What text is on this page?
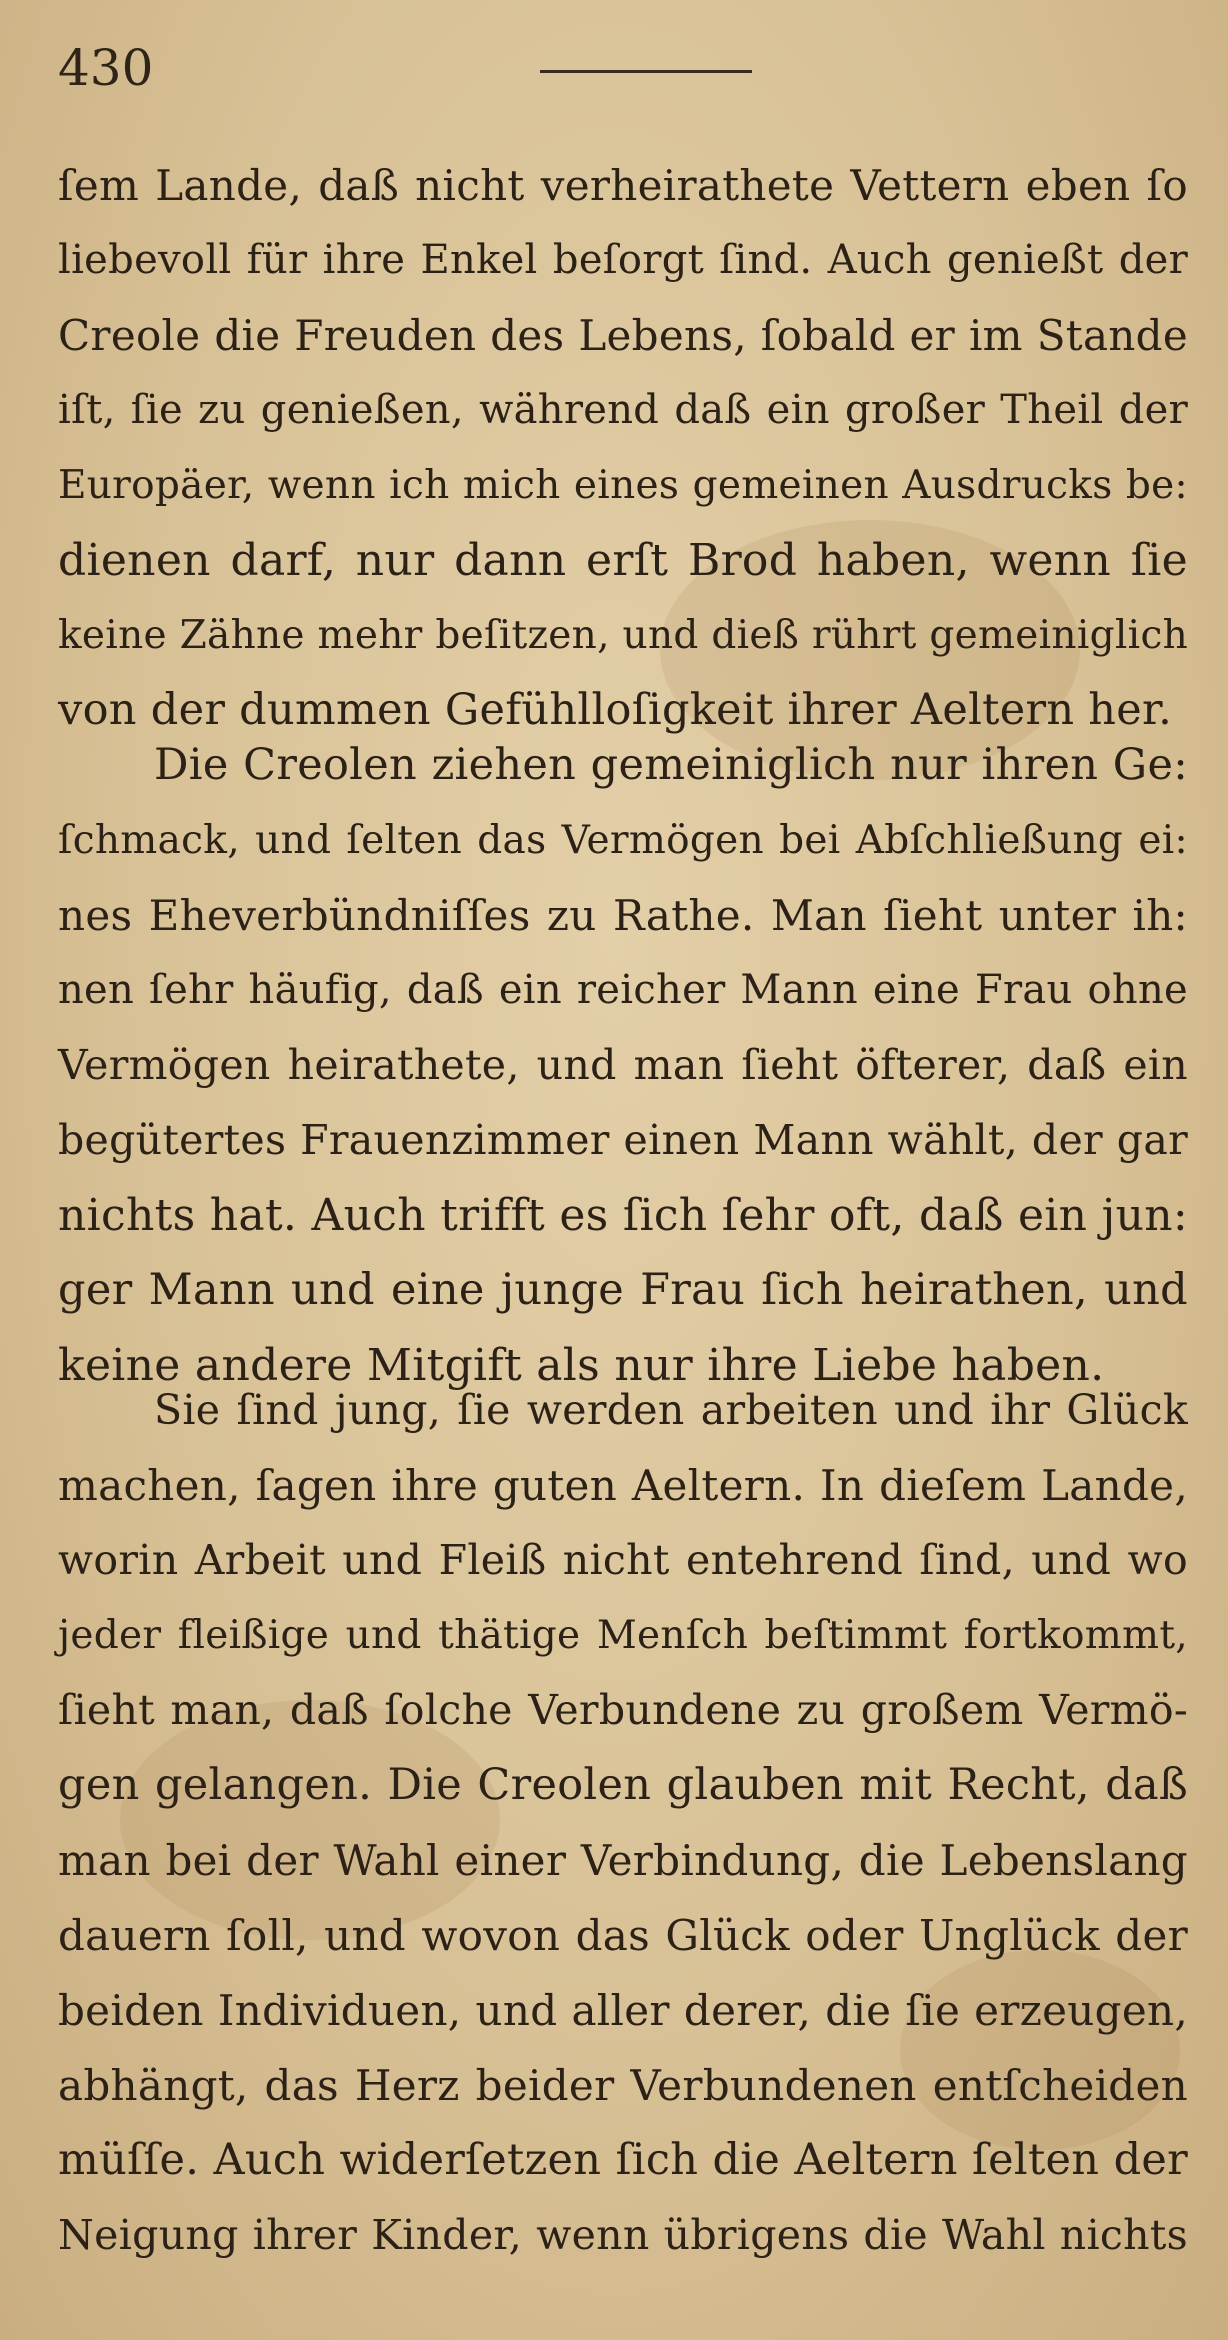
430
ſem Lande, daß nicht verheirathete Vettern eben ſo
liebevoll für ihre Enkel beſorgt ſind. Auch genießt der
Creole die Freuden des Lebens, ſobald er im Stande
iſt, ſie zu genießen, während daß ein großer Theil der
Europäer, wenn ich mich eines gemeinen Ausdrucks be:
dienen darf, nur dann erſt Brod haben, wenn ſie
keine Zähne mehr beſitzen, und dieß rührt gemeiniglich
von der dummen Gefühlloſigkeit ihrer Aeltern her.
Die Creolen ziehen gemeiniglich nur ihren Ge:
ſchmack, und ſelten das Vermögen bei Abſchließung ei:
nes Eheverbündniſſes zu Rathe. Man ſieht unter ih:
nen ſehr häufig, daß ein reicher Mann eine Frau ohne
Vermögen heirathete, und man ſieht öfterer, daß ein
begütertes Frauenzimmer einen Mann wählt, der gar
nichts hat. Auch trifft es ſich ſehr oft, daß ein jun:
ger Mann und eine junge Frau ſich heirathen, und
keine andere Mitgift als nur ihre Liebe haben.
Sie ſind jung, ſie werden arbeiten und ihr Glück
machen, ſagen ihre guten Aeltern. In dieſem Lande,
worin Arbeit und Fleiß nicht entehrend ſind, und wo
jeder fleißige und thätige Menſch beſtimmt fortkommt,
ſieht man, daß ſolche Verbundene zu großem Vermö-
gen gelangen. Die Creolen glauben mit Recht, daß
man bei der Wahl einer Verbindung, die Lebenslang
dauern ſoll, und wovon das Glück oder Unglück der
beiden Individuen, und aller derer, die ſie erzeugen,
abhängt, das Herz beider Verbundenen entſcheiden
müſſe. Auch widerſetzen ſich die Aeltern ſelten der
Neigung ihrer Kinder, wenn übrigens die Wahl nichts
